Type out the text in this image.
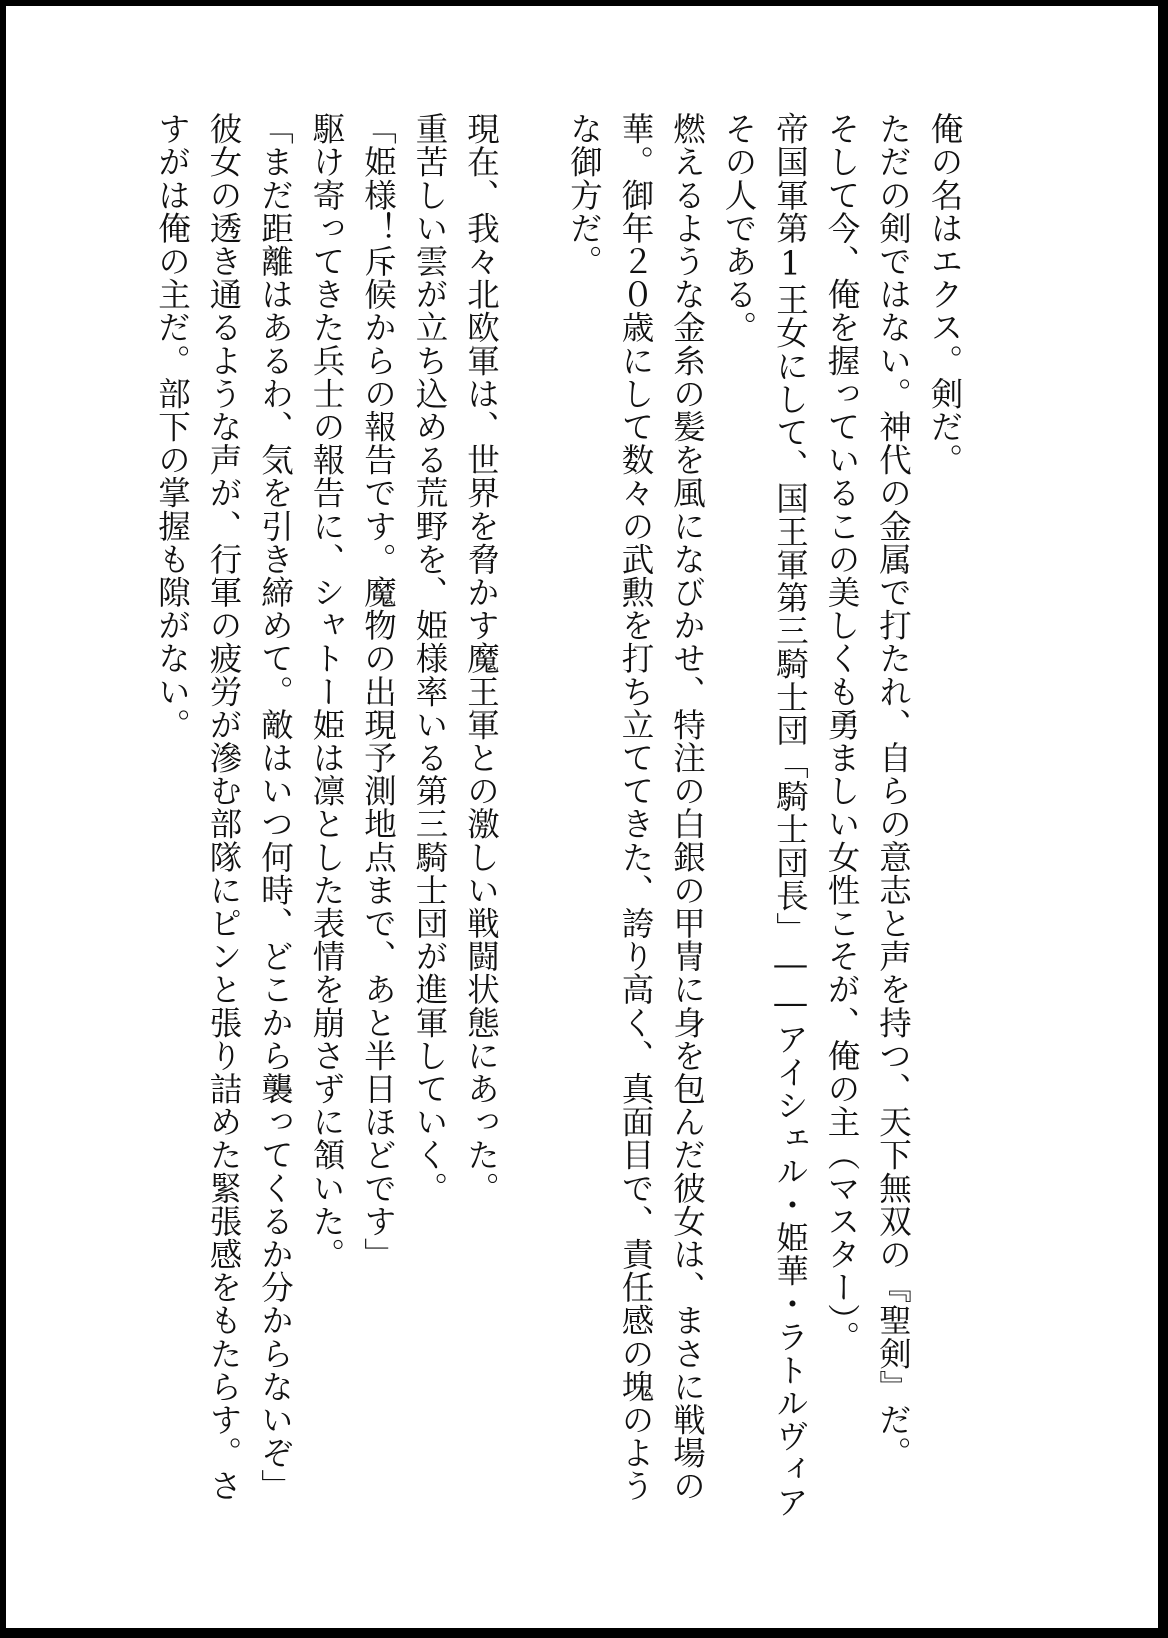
俺の名はエクス。剣だ。
ただの剣ではない。神代の金属で打たれ、自らの意志と声を持つ、天下無双の『聖剣』だ。
そして今、俺を握っているこの美しくも勇ましい女性こそが、俺の主（マスター）。
帝国軍第1王女にして、国王軍第三騎士団「騎士団長」――アイシェル・姫華・ラトルヴィア
その人である。
燃えるような金糸の髪を風になびかせ、特注の白銀の甲冑に身を包んだ彼女は、まさに戦場の
華。御年２０歳にして数々の武勲を打ち立ててきた、誇り高く、真面目で、責任感の塊のよう
な御方だ。
現在、我々北欧軍は、世界を脅かす魔王軍との激しい戦闘状態にあった。
重苦しい雲が立ち込める荒野を、姫様率いる第三騎士団が進軍していく。
「姫様！斥候からの報告です。魔物の出現予測地点まで、あと半日ほどです」
駆け寄ってきた兵士の報告に、シャトー姫は凛とした表情を崩さずに頷いた。
「まだ距離はあるわ、気を引き締めて。敵はいつ何時、どこから襲ってくるか分からないぞ」
彼女の透き通るような声が、行軍の疲労が滲む部隊にピンと張り詰めた緊張感をもたらす。さ
すがは俺の主だ。部下の掌握も隙がない。
